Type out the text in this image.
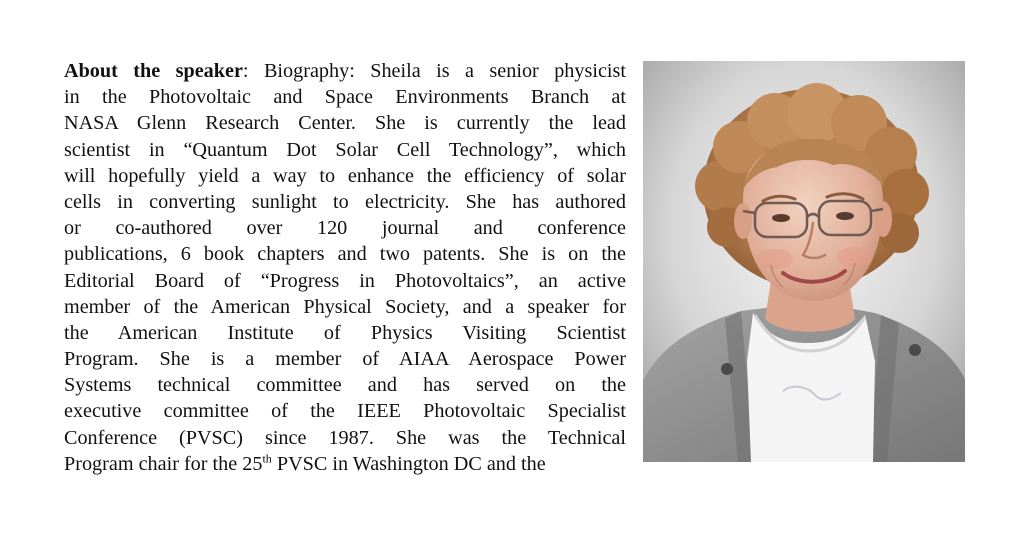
About the speaker: Biography: Sheila is a senior physicist
in the Photovoltaic and Space Environments Branch at
NASA Glenn Research Center. She is currently the lead
scientist in “Quantum Dot Solar Cell Technology”, which
will hopefully yield a way to enhance the efficiency of solar
cells in converting sunlight to electricity. She has authored
or co-authored over 120 journal and conference
publications, 6 book chapters and two patents. She is on the
Editorial Board of “Progress in Photovoltaics”, an active
member of the American Physical Society, and a speaker for
the American Institute of Physics Visiting Scientist
Program. She is a member of AIAA Aerospace Power
Systems technical committee and has served on the
executive committee of the IEEE Photovoltaic Specialist
Conference (PVSC) since 1987. She was the Technical
Program chair for the 25th PVSC in Washington DC and the
